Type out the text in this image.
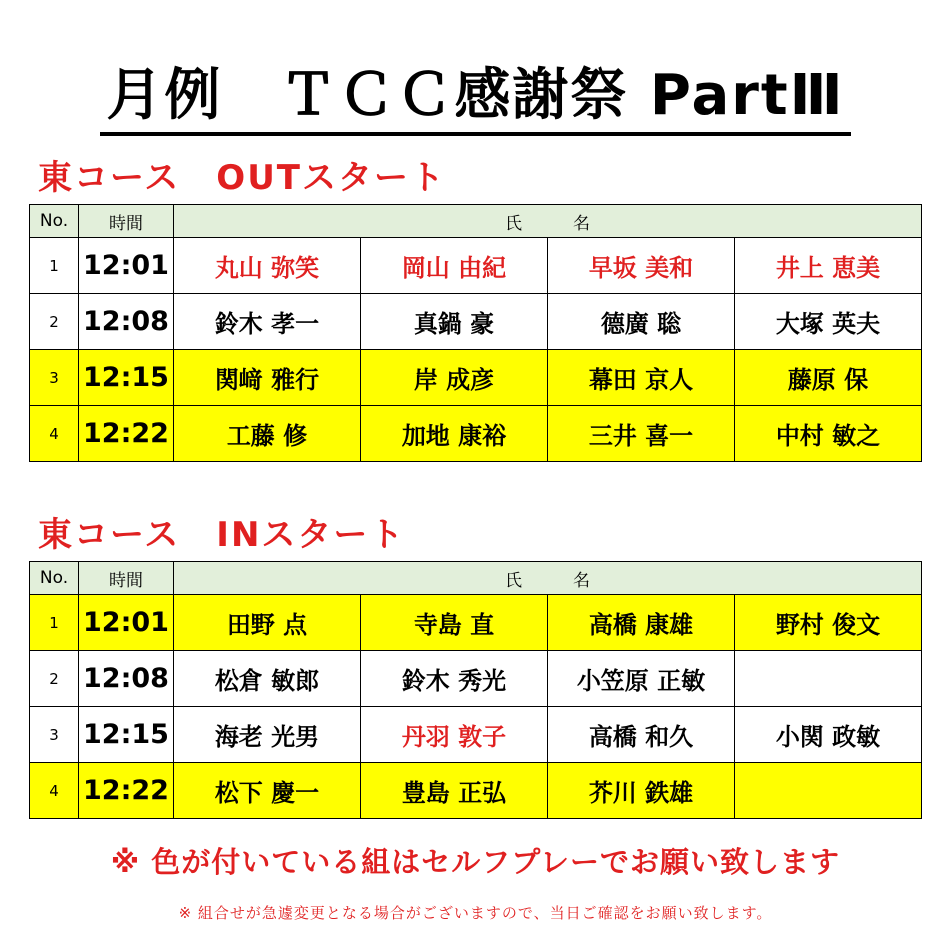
月例　ＴＣＣ感謝祭 PartⅢ
東コース　OUTスタート
No.	時間	氏　　　名			
1	12:01	丸山 弥笑	岡山 由紀	早坂 美和	井上 恵美
2	12:08	鈴木 孝一	真鍋 豪	德廣 聡	大塚 英夫
3	12:15	関﨑 雅行	岸 成彦	幕田 京人	藤原 保
4	12:22	工藤 修	加地 康裕	三井 喜一	中村 敏之
東コース　INスタート
No.	時間	氏　　　名			
1	12:01	田野 点	寺島 直	高橋 康雄	野村 俊文
2	12:08	松倉 敏郎	鈴木 秀光	小笠原 正敏	
3	12:15	海老 光男	丹羽 敦子	高橋 和久	小関 政敏
4	12:22	松下 慶一	豊島 正弘	芥川 鉄雄	
※ 色が付いている組はセルフプレーでお願い致します
※ 組合せが急遽変更となる場合がございますので、当日ご確認をお願い致します。
